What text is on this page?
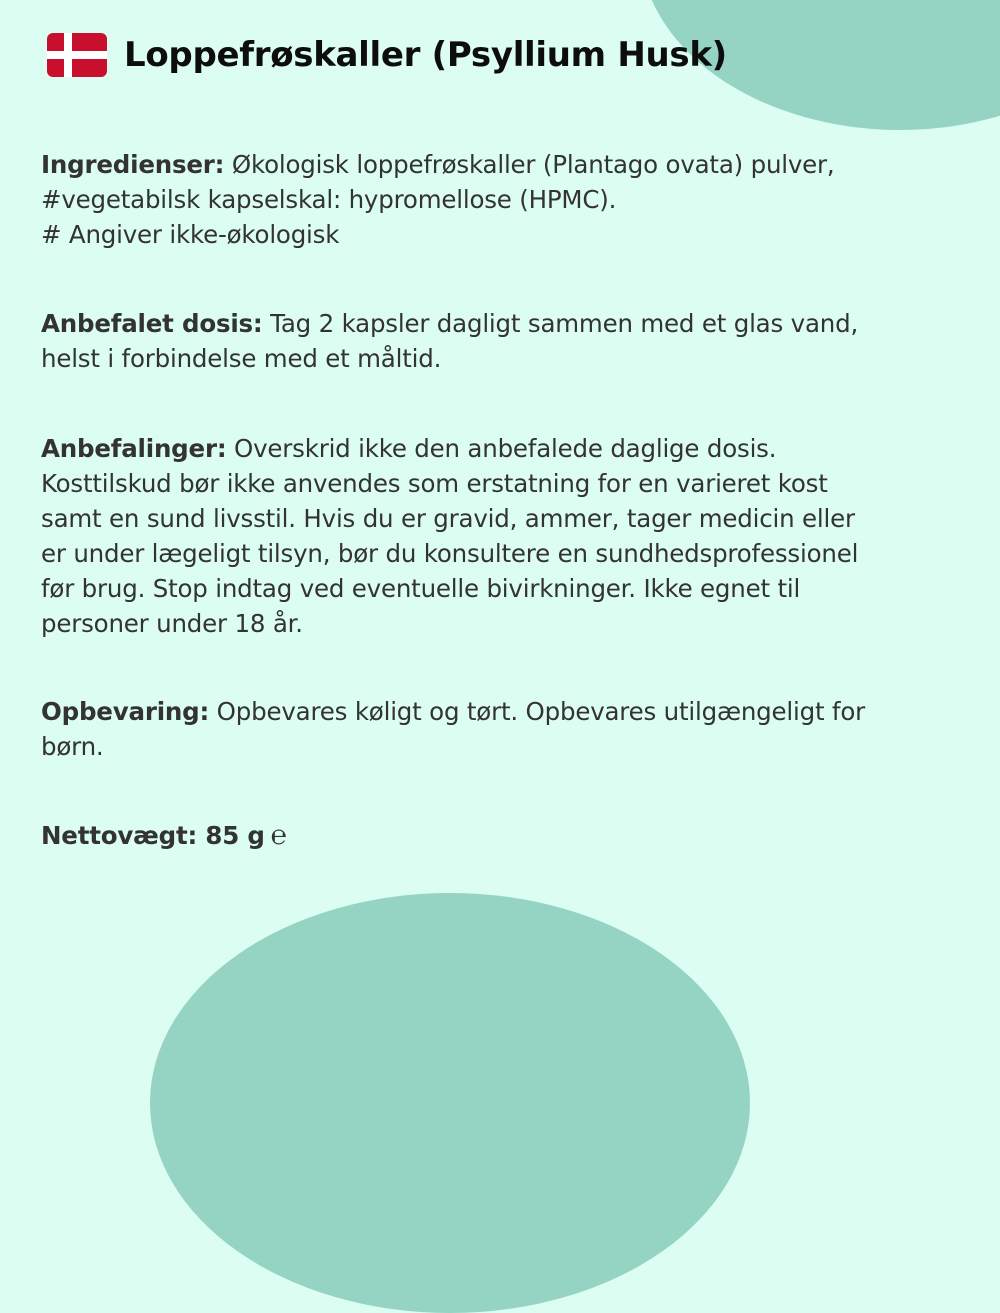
Loppefrøskaller (Psyllium Husk)

Ingredienser: Økologisk loppefrøskaller (Plantago ovata) pulver,
#vegetabilsk kapselskal: hypromellose (HPMC).
# Angiver ikke-økologisk

Anbefalet dosis: Tag 2 kapsler dagligt sammen med et glas vand,
helst i forbindelse med et måltid.

Anbefalinger: Overskrid ikke den anbefalede daglige dosis.
Kosttilskud bør ikke anvendes som erstatning for en varieret kost
samt en sund livsstil. Hvis du er gravid, ammer, tager medicin eller
er under lægeligt tilsyn, bør du konsultere en sundhedsprofessionel
før brug. Stop indtag ved eventuelle bivirkninger. Ikke egnet til
personer under 18 år.

Opbevaring: Opbevares køligt og tørt. Opbevares utilgængeligt for
børn.

Nettovægt: 85 g ℮
